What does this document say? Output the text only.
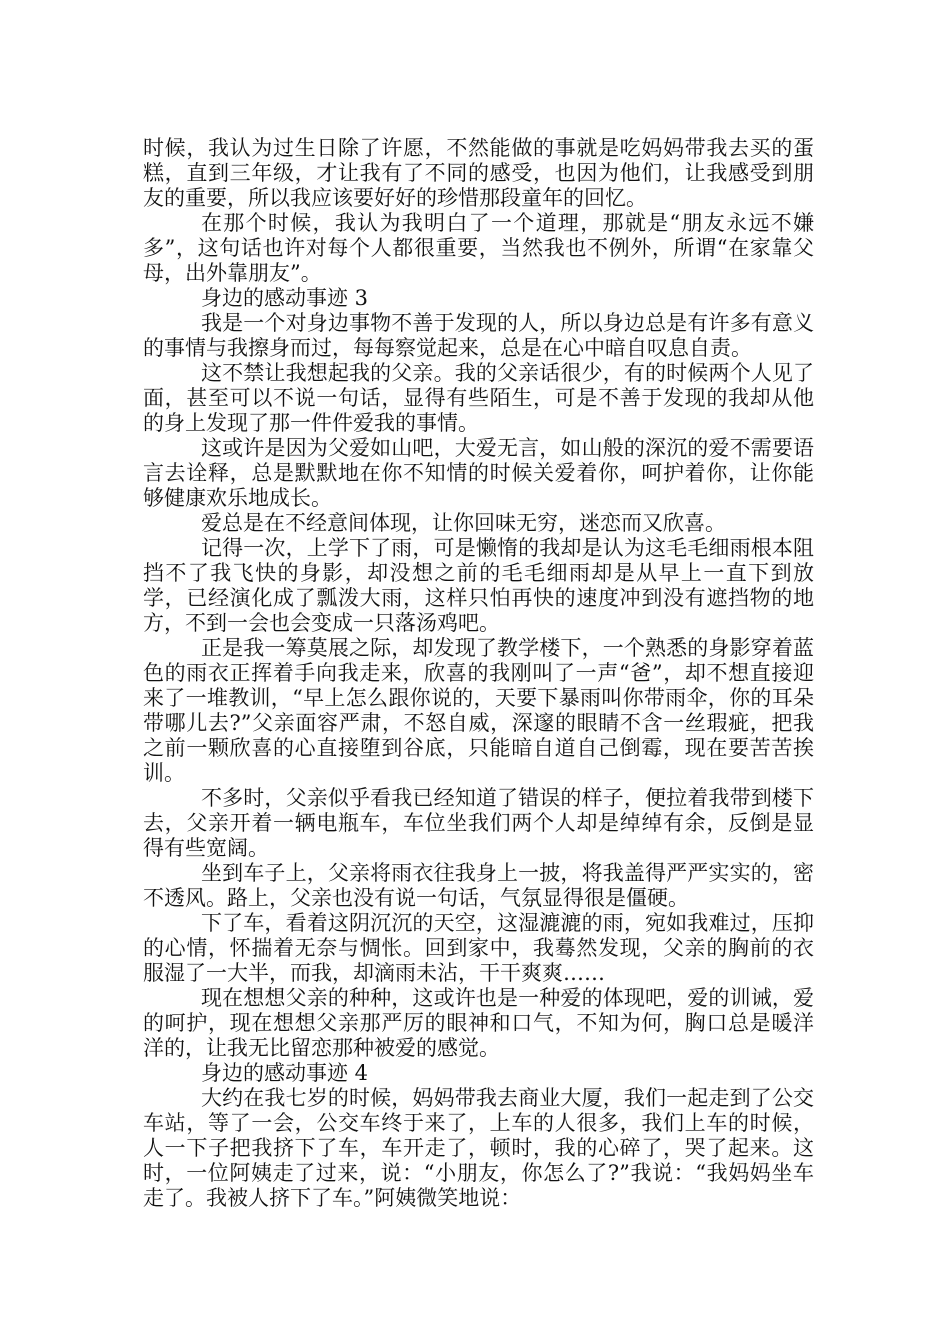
时候，我认为过生日除了许愿，不然能做的事就是吃妈妈带我去买的蛋糕，直到三年级，才让我有了不同的感受，也因为他们，让我感受到朋友的重要，所以我应该要好好的珍惜那段童年的回忆。

在那个时候，我认为我明白了一个道理，那就是“朋友永远不嫌多”，这句话也许对每个人都很重要，当然我也不例外，所谓“在家靠父母，出外靠朋友”。

身边的感动事迹 3

我是一个对身边事物不善于发现的人，所以身边总是有许多有意义的事情与我擦身而过，每每察觉起来，总是在心中暗自叹息自责。

这不禁让我想起我的父亲。我的父亲话很少，有的时候两个人见了面，甚至可以不说一句话，显得有些陌生，可是不善于发现的我却从他的身上发现了那一件件爱我的事情。

这或许是因为父爱如山吧，大爱无言，如山般的深沉的爱不需要语言去诠释，总是默默地在你不知情的时候关爱着你，呵护着你，让你能够健康欢乐地成长。

爱总是在不经意间体现，让你回味无穷，迷恋而又欣喜。

记得一次，上学下了雨，可是懒惰的我却是认为这毛毛细雨根本阻挡不了我飞快的身影，却没想之前的毛毛细雨却是从早上一直下到放学，已经演化成了瓢泼大雨，这样只怕再快的速度冲到没有遮挡物的地方，不到一会也会变成一只落汤鸡吧。

正是我一筹莫展之际，却发现了教学楼下，一个熟悉的身影穿着蓝色的雨衣正挥着手向我走来，欣喜的我刚叫了一声“爸”，却不想直接迎来了一堆教训，“早上怎么跟你说的，天要下暴雨叫你带雨伞，你的耳朵带哪儿去?”父亲面容严肃，不怒自威，深邃的眼睛不含一丝瑕疵，把我之前一颗欣喜的心直接堕到谷底，只能暗自道自己倒霉，现在要苦苦挨训。

不多时，父亲似乎看我已经知道了错误的样子，便拉着我带到楼下去，父亲开着一辆电瓶车，车位坐我们两个人却是绰绰有余，反倒是显得有些宽阔。

坐到车子上，父亲将雨衣往我身上一披，将我盖得严严实实的，密不透风。路上，父亲也没有说一句话，气氛显得很是僵硬。

下了车，看着这阴沉沉的天空，这湿漉漉的雨，宛如我难过，压抑的心情，怀揣着无奈与惆怅。回到家中，我蓦然发现，父亲的胸前的衣服湿了一大半，而我，却滴雨未沾，干干爽爽……

现在想想父亲的种种，这或许也是一种爱的体现吧，爱的训诫，爱的呵护，现在想想父亲那严厉的眼神和口气，不知为何，胸口总是暖洋洋的，让我无比留恋那种被爱的感觉。

身边的感动事迹 4

大约在我七岁的时候，妈妈带我去商业大厦，我们一起走到了公交车站，等了一会，公交车终于来了，上车的人很多，我们上车的时候，人一下子把我挤下了车，车开走了，顿时，我的心碎了，哭了起来。这时，一位阿姨走了过来，说：“小朋友，你怎么了?”我说：“我妈妈坐车走了。我被人挤下了车。”阿姨微笑地说：
